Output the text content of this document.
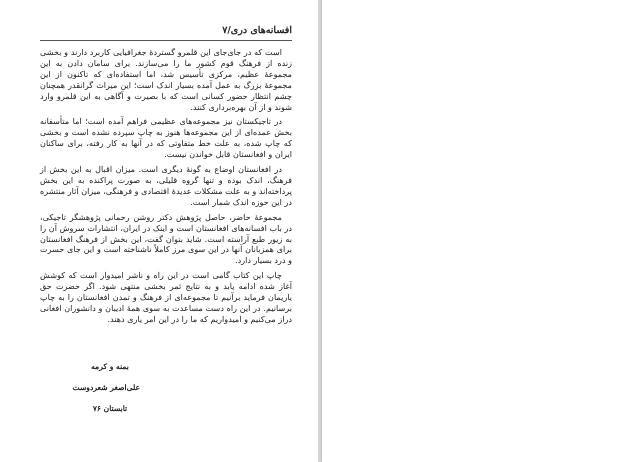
افسانه‌های دری/۷

است که در جای‌جای این قلمرو گستردۀ جغرافیایی کاربرد دارند و بخشی زنده از فرهنگ قوم کشور ما را می‌سازند. برای سامان دادن به این مجموعۀ عظیم، مرکزی تأسیس شد، اما استفاده‌ای که تاکنون از این مجموعۀ بزرگ به عمل آمده بسیار اندک است؛ این میراث گرانقدر همچنان چشم انتظار حضور کسانی است که با بصیرت و آگاهی به این قلمرو وارد شوند و از آن بهره‌برداری کنند.

در تاجیکستان نیز مجموعه‌های عظیمی فراهم آمده است؛ اما متأسفانه بخش عمده‌ای از این مجموعه‌ها هنوز به چاپ سپرده نشده است و بخشی که چاپ شده، به علت خط متفاوتی که در آنها به کار رفته، برای ساکنان ایران و افغانستان قابل خواندن نیست.

در افغانستان اوضاع به گونۀ دیگری است. میزان اقبال به این بخش از فرهنگ، اندک بوده و تنها گروه قلیلی، به صورت پراکنده به این بخش پرداخته‌اند و به علت مشکلات عدیدۀ اقتصادی و فرهنگی، میزان آثار منتشره در این حوزه اندک شمار است.

مجموعۀ حاضر، حاصل پژوهش دکتر روشن رحمانی پژوهشگر تاجیکی، در باب افسانه‌های افغانستان است و اینک در ایران، انتشارات سروش آن را به زیور طبع آراسته است. شاید بتوان گفت، این بخش از فرهنگ افغانستان برای همزبانان آنها در این سوی مرز کاملاً ناشناخته است و این جای حسرت و درد بسیار دارد.

چاپ این کتاب گامی است در این راه و ناشر امیدوار است که کوشش آغاز شده ادامه یابد و به نتایج ثمر بخشی منتهی شود. اگر حضرت حق یاریمان فرماید برآنیم تا مجموعه‌ای از فرهنگ و تمدن افغانستان را به چاپ برسانیم. در این راه دست مساعدت به سوی همۀ ادیبان و دانشوران افغانی دراز می‌کنیم و امیدواریم که ما را در این امر یاری دهند.

بمنه و کرمه
علی‌اصغر شعردوست
تابستان ۷۶
